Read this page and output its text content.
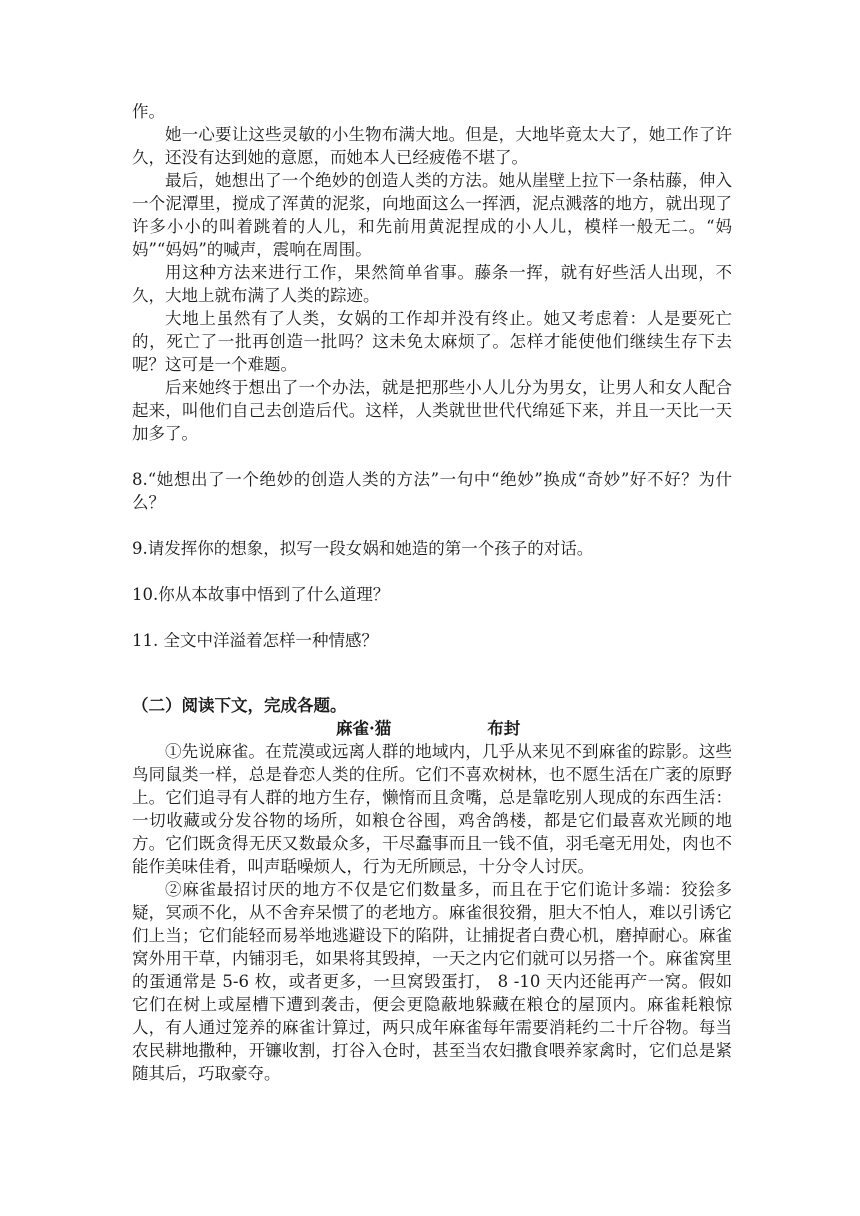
作。

她一心要让这些灵敏的小生物布满大地。但是，大地毕竟太大了，她工作了许久，还没有达到她的意愿，而她本人已经疲倦不堪了。

最后，她想出了一个绝妙的创造人类的方法。她从崖壁上拉下一条枯藤，伸入一个泥潭里，搅成了浑黄的泥浆，向地面这么一挥洒，泥点溅落的地方，就出现了许多小小的叫着跳着的人儿，和先前用黄泥捏成的小人儿，模样一般无二。“妈妈”“妈妈”的喊声，震响在周围。

用这种方法来进行工作，果然简单省事。藤条一挥，就有好些活人出现，不久，大地上就布满了人类的踪迹。

大地上虽然有了人类，女娲的工作却并没有终止。她又考虑着：人是要死亡的，死亡了一批再创造一批吗？这未免太麻烦了。怎样才能使他们继续生存下去呢？这可是一个难题。

后来她终于想出了一个办法，就是把那些小人儿分为男女，让男人和女人配合起来，叫他们自己去创造后代。这样，人类就世世代代绵延下来，并且一天比一天加多了。

8.“她想出了一个绝妙的创造人类的方法”一句中“绝妙”换成“奇妙”好不好？为什么？

9.请发挥你的想象，拟写一段女娲和她造的第一个孩子的对话。

10.你从本故事中悟到了什么道理？

11. 全文中洋溢着怎样一种情感？

（二）阅读下文，完成各题。

麻雀·猫	布封

①先说麻雀。在荒漠或远离人群的地域内，几乎从来见不到麻雀的踪影。这些鸟同鼠类一样，总是眷恋人类的住所。它们不喜欢树林，也不愿生活在广袤的原野上。它们追寻有人群的地方生存，懒惰而且贪嘴，总是靠吃别人现成的东西生活：一切收藏或分发谷物的场所，如粮仓谷囤，鸡舍鸽楼，都是它们最喜欢光顾的地方。它们既贪得无厌又数最众多，干尽蠢事而且一钱不值，羽毛毫无用处，肉也不能作美味佳肴，叫声聒噪烦人，行为无所顾忌，十分令人讨厌。

②麻雀最招讨厌的地方不仅是它们数量多，而且在于它们诡计多端：狡狯多疑，冥顽不化，从不舍弃呆惯了的老地方。麻雀很狡猾，胆大不怕人，难以引诱它们上当；它们能轻而易举地逃避设下的陷阱，让捕捉者白费心机，磨掉耐心。麻雀窝外用干草，内铺羽毛，如果将其毁掉，一天之内它们就可以另搭一个。麻雀窝里的蛋通常是 5-6 枚，或者更多，一旦窝毁蛋打， 8 -10 天内还能再产一窝。假如它们在树上或屋槽下遭到袭击，便会更隐蔽地躲藏在粮仓的屋顶内。麻雀耗粮惊人，有人通过笼养的麻雀计算过，两只成年麻雀每年需要消耗约二十斤谷物。每当农民耕地撒种，开镰收割，打谷入仓时，甚至当农妇撒食喂养家禽时，它们总是紧随其后，巧取豪夺。
